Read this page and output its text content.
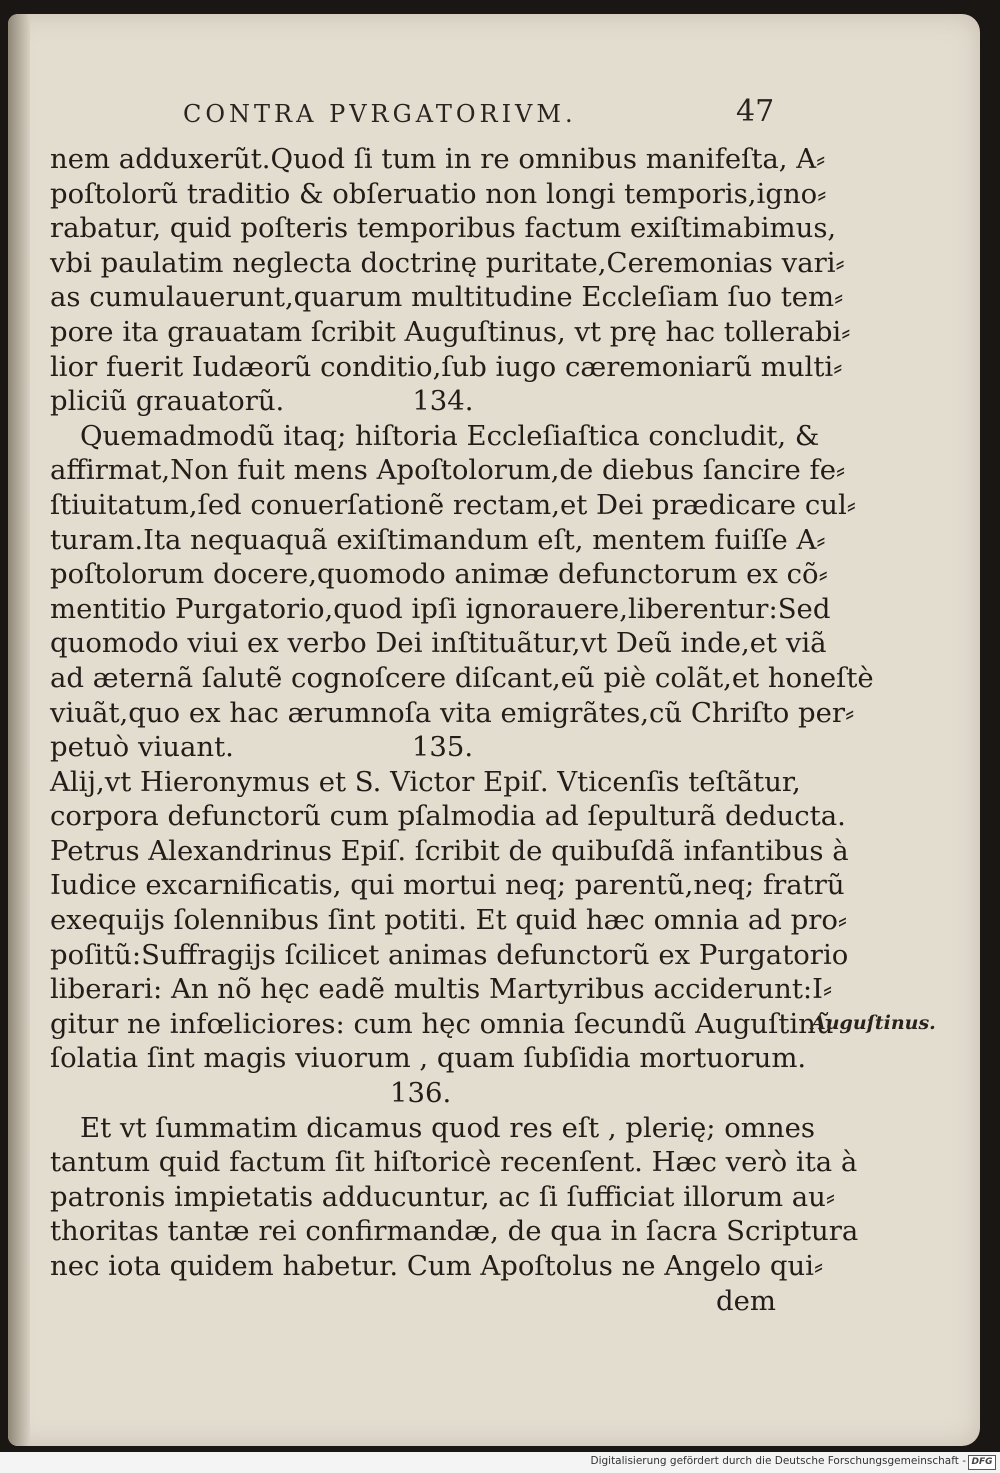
CONTRA PVRGATORIVM.	47
nem adduxerũt.Quod ſi tum in re omnibus manifeſta, A⸗
poſtolorũ traditio & obſeruatio non longi temporis,igno⸗
rabatur, quid poſteris temporibus factum exiſtimabimus,
vbi paulatim neglecta doctrinę puritate,Ceremonias vari⸗
as cumulauerunt,quarum multitudine Eccleſiam ſuo tem⸗
pore ita grauatam ſcribit Auguſtinus, vt prę hac tollerabi⸗
lior fuerit Iudæorũ conditio,ſub iugo cæremoniarũ multi⸗
pliciũ grauatorũ.	134.
Quemadmodũ itaq; hiſtoria Eccleſiaſtica concludit, &
affirmat,Non fuit mens Apoſtolorum,de diebus ſancire fe⸗
ſtiuitatum,ſed conuerſationẽ rectam,et Dei prædicare cul⸗
turam.Ita nequaquã exiſtimandum eſt, mentem fuiſſe A⸗
poſtolorum docere,quomodo animæ defunctorum ex cõ⸗
mentitio Purgatorio,quod ipſi ignorauere,liberentur:Sed
quomodo viui ex verbo Dei inſtituãtur,vt Deũ inde,et viã
ad æternã ſalutẽ cognoſcere diſcant,eũ piè colãt,et honeſtè
viuãt,quo ex hac ærumnoſa vita emigrãtes,cũ Chriſto per⸗
petuò viuant.	135.
Alij,vt Hieronymus et S. Victor Epiſ. Vticenſis teſtãtur,
corpora defunctorũ cum pſalmodia ad ſepulturã deducta.
Petrus Alexandrinus Epiſ. ſcribit de quibuſdã infantibus à
Iudice excarnificatis, qui mortui neq; parentũ,neq; fratrũ
exequijs ſolennibus ſint potiti. Et quid hæc omnia ad pro⸗
poſitũ:Suffragijs ſcilicet animas defunctorũ ex Purgatorio
liberari: An nõ hęc eadẽ multis Martyribus acciderunt:I⸗
gitur ne infœliciores: cum hęc omnia ſecundũ Auguſtinũ
ſolatia ſint magis viuorum , quam ſubſidia mortuorum.
136.
Et vt ſummatim dicamus quod res eſt , plerię; omnes
tantum quid factum ſit hiſtoricè recenſent. Hæc verò ita à
patronis impietatis adducuntur, ac ſi ſufficiat illorum au⸗
thoritas tantæ rei confirmandæ, de qua in ſacra Scriptura
nec iota quidem habetur. Cum Apoſtolus ne Angelo qui⸗
dem
Auguſtinus.
Digitalisierung gefördert durch die Deutsche Forschungsgemeinschaft - DFG
